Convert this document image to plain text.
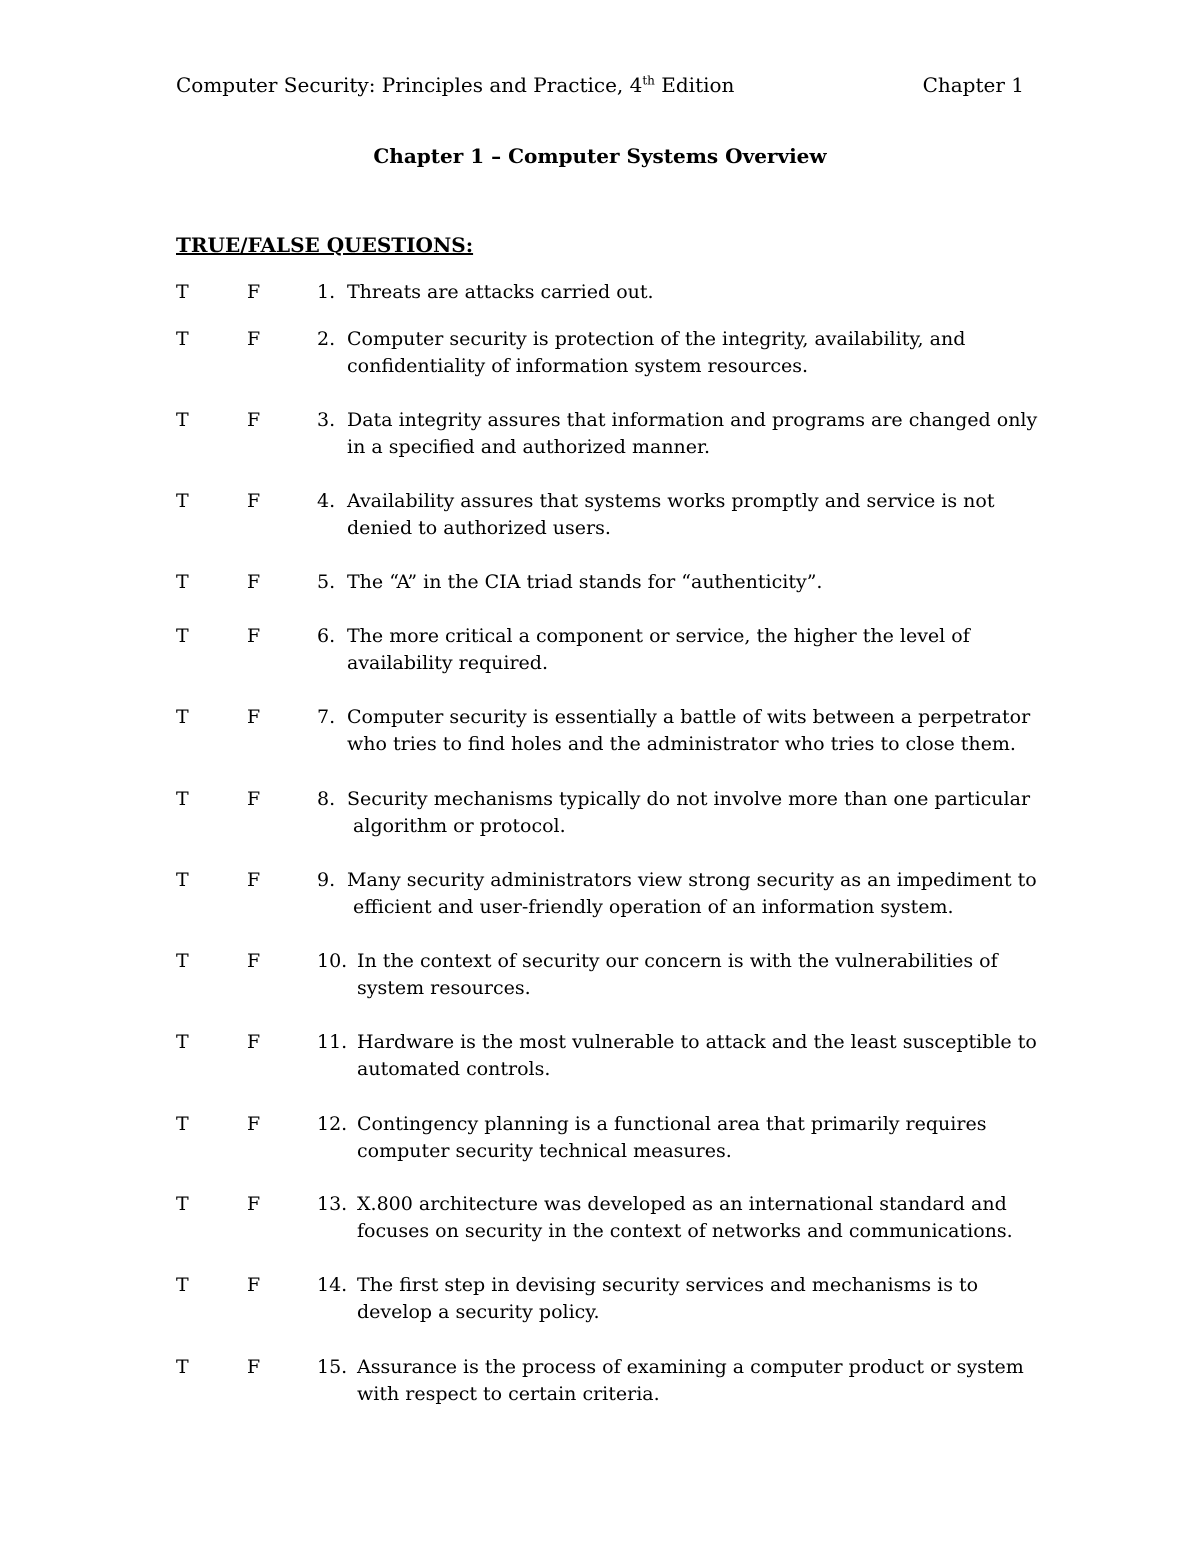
Computer Security: Principles and Practice, 4th Edition	Chapter 1
Chapter 1 – Computer Systems Overview
TRUE/FALSE QUESTIONS:
T	F	1. Threats are attacks carried out.
T	F	2. Computer security is protection of the integrity, availability, and
confidentiality of information system resources.
T	F	3. Data integrity assures that information and programs are changed only
in a specified and authorized manner.
T	F	4. Availability assures that systems works promptly and service is not
denied to authorized users.
T	F	5. The “A” in the CIA triad stands for “authenticity”.
T	F	6. The more critical a component or service, the higher the level of
availability required.
T	F	7. Computer security is essentially a battle of wits between a perpetrator
who tries to find holes and the administrator who tries to close them.
T	F	8. Security mechanisms typically do not involve more than one particular
algorithm or protocol.
T	F	9. Many security administrators view strong security as an impediment to
efficient and user-friendly operation of an information system.
T	F	10. In the context of security our concern is with the vulnerabilities of
system resources.
T	F	11. Hardware is the most vulnerable to attack and the least susceptible to
automated controls.
T	F	12. Contingency planning is a functional area that primarily requires
computer security technical measures.
T	F	13. X.800 architecture was developed as an international standard and
focuses on security in the context of networks and communications.
T	F	14. The first step in devising security services and mechanisms is to
develop a security policy.
T	F	15. Assurance is the process of examining a computer product or system
with respect to certain criteria.
